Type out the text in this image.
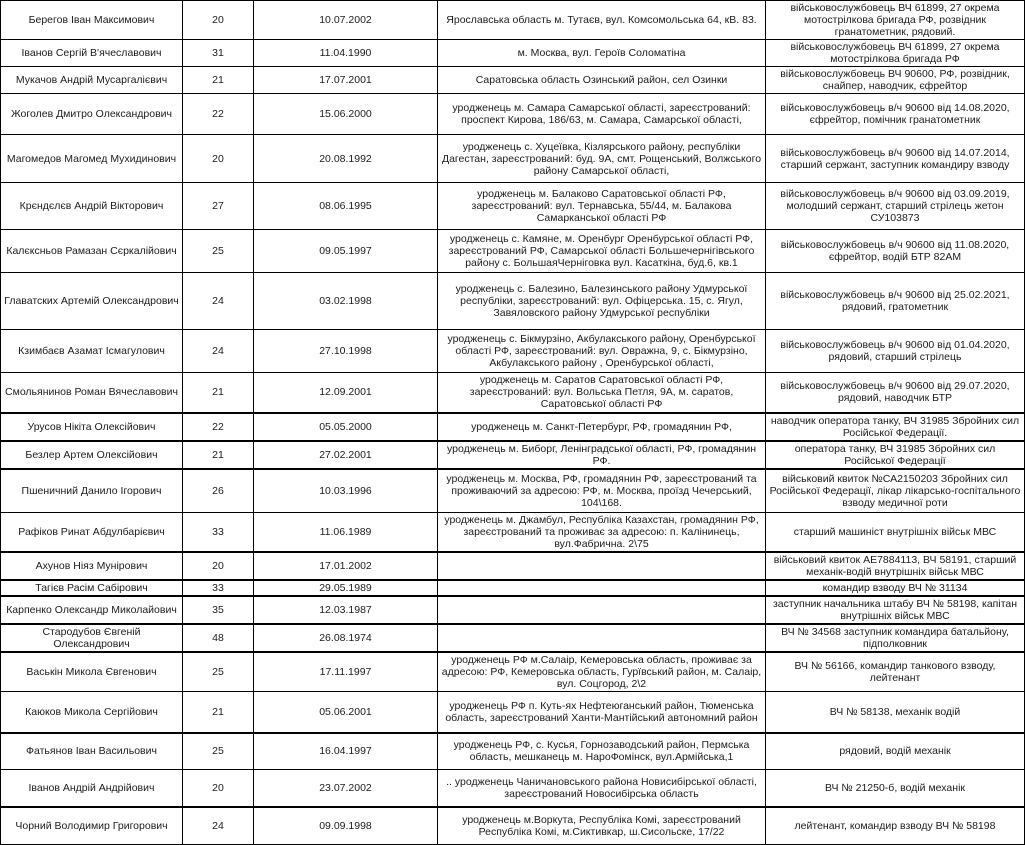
Берегов Іван Максимович	20	10.07.2002	Ярославська область м. Тутаєв, вул. Комсомольська 64, кВ. 83.	військовослужбовець ВЧ 61899, 27 окрема мотострілкова бригада РФ, розвідник гранатометник, рядовий.
Іванов Сергій В'ячеславович	31	11.04.1990	м. Москва, вул. Героїв Соломатіна	військовослужбовець ВЧ 61899, 27 окрема мотострілкова бригада РФ
Мукачов Андрій Мусаргалієвич	21	17.07.2001	Саратовська область Озинський район, сел Озинки	військовослужбовець ВЧ 90600, РФ, розвідник, снайпер, наводчик, єфрейтор
Жоголев Дмитро Олександрович	22	15.06.2000	уродженець м. Самара Самарської області, зареєстрований: проспект Кирова, 186/63, м. Самара, Самарської області,	військовослужбовець в/ч 90600 від 14.08.2020, єфрейтор, помічник гранатометник
Магомедов Магомед Мухидинович	20	20.08.1992	уродженець с. Хуцеївка, Кізлярського району, республіки Дагестан, зареєстрований: буд. 9А, смт. Рощенський, Волжського району Самарської області,	військовослужбовець в/ч 90600 від 14.07.2014, старший сержант, заступник командиру взводу
Крєндєлєв Андрій Вікторович	27	08.06.1995	уродженець м. Балаково Саратовської області РФ, зареєстрований: вул. Тернавська, 55/44, м. Балакова Самарканської області РФ	військовослужбовець в/ч 90600 від 03.09.2019, молодший сержант, старший стрілець жетон СУ103873
Калєксньов Рамазан Сєркалійович	25	09.05.1997	уродженець с. Камяне, м. Оренбург Оренбурської області РФ, зареєстрований РФ, Самарської області Большечернігівського району с. БольшаяЧерніговка вул. Касаткіна, буд.6, кв.1	військовослужбовець в/ч 90600 від 11.08.2020, єфрейтор, водій БТР 82АМ
Главатских Артемій Олександрович	24	03.02.1998	уродженець с. Балезино, Балезинського району Удмурської республіки, зареєстрований: вул. Офіцерська. 15, с. Ягул, Завяловского району Удмурської республіки	військовослужбовець в/ч 90600 від 25.02.2021, рядовий, гратометник
Кзимбаєв Азамат Ісмагулович	24	27.10.1998	уродженець с. Бікмурзіно, Акбулакського району, Оренбурської області РФ, зареєстрований: вул. Овражна, 9, с. Бікмурзіно, Акбулакського району , Оренбурської області,	військовослужбовець в/ч 90600 від 01.04.2020, рядовий, старший стрілець
Смольянинов Роман Вячеславович	21	12.09.2001	уродженець м. Саратов Саратовської області РФ, зареєстрований: вул. Вольська Петля, 9А, м. саратов, Саратовської області РФ	військовослужбовець в/ч 90600 від 29.07.2020, рядовий, наводчик БТР
Урусов Нікіта Олексійович	22	05.05.2000	уродженець м. Санкт-Петербург, РФ, громадянин РФ,	наводчик оператора танку, ВЧ 31985 Збройних сил Російської Федерації.
Безлер Артем Олексійович	21	27.02.2001	уродженець м. Биборг, Ленінградської області, РФ, громадянин РФ.	оператора танку, ВЧ 31985 Збройних сил Російської Федерації
Пшеничний Данило Ігорович	26	10.03.1996	уродженець м. Москва, РФ, громадянин РФ, зареєстрований та проживаючий за адресою: РФ, м. Москва, проїзд Чечерський, 104\168.	військовий квиток №СА2150203 Збройних сил Російської Федерації, лікар лікарсько-госпітального взводу медичної роти
Рафіков Ринат Абдулбарієвич	33	11.06.1989	уродженець м. Джамбул, Республіка Казахстан, громадянин РФ, зареєстрований та проживає за адресою: п. Калінинець, вул.Фабрична. 2\75	старший машиніст внутрішніх військ МВС
Ахунов Ніяз Мунірович	20	17.01.2002		військовий квиток АЕ7884113, ВЧ 58191, старший механік-водій внутрішніх військ МВС
Тагієв Расім Сабірович	33	29.05.1989		командир взводу ВЧ № 31134
Карпенко Олександр Миколайович	35	12.03.1987		заступник начальника штабу ВЧ № 58198, капітан внутрішніх військ МВС
Стародубов Євгеній Олександрович	48	26.08.1974		ВЧ № 34568 заступник командира батальйону, підполковник
Васькін Микола Євгенович	25	17.11.1997	уродженець РФ м.Салаір, Кемеровська область, проживає за адресою: РФ, Кемеровська область, Гурївський район, м. Салаір, вул. Соцгород, 2\2	ВЧ № 56166, командир танкового взводу, лейтенант
Каюков Микола Сергійович	21	05.06.2001	уродженець РФ п. Куть-ях Нефтеюганський район, Тюменська область, зареєстрований Ханти-Мантійський автономний район	ВЧ № 58138, механік водій
Фатьянов Іван Васильович	25	16.04.1997	уродженець РФ, с. Кусья, Горнозаводський район, Пермська область, мешканець м. НароФомінск, вул.Армійська,1	рядовий, водій механік
Іванов Андрій Андрійович	20	23.07.2002	.. уродженець Чаничановського района Новисибірської області, зареєстрований Новосибірська область	ВЧ № 21250-б, водій механік
Чорний Володимир Григорович	24	09.09.1998	уродженець м.Воркута, Республіка Комі, зареєстрований Республіка Комі, м.Сиктивкар, ш.Сисольске, 17/22	лейтенант, командир взводу ВЧ № 58198
